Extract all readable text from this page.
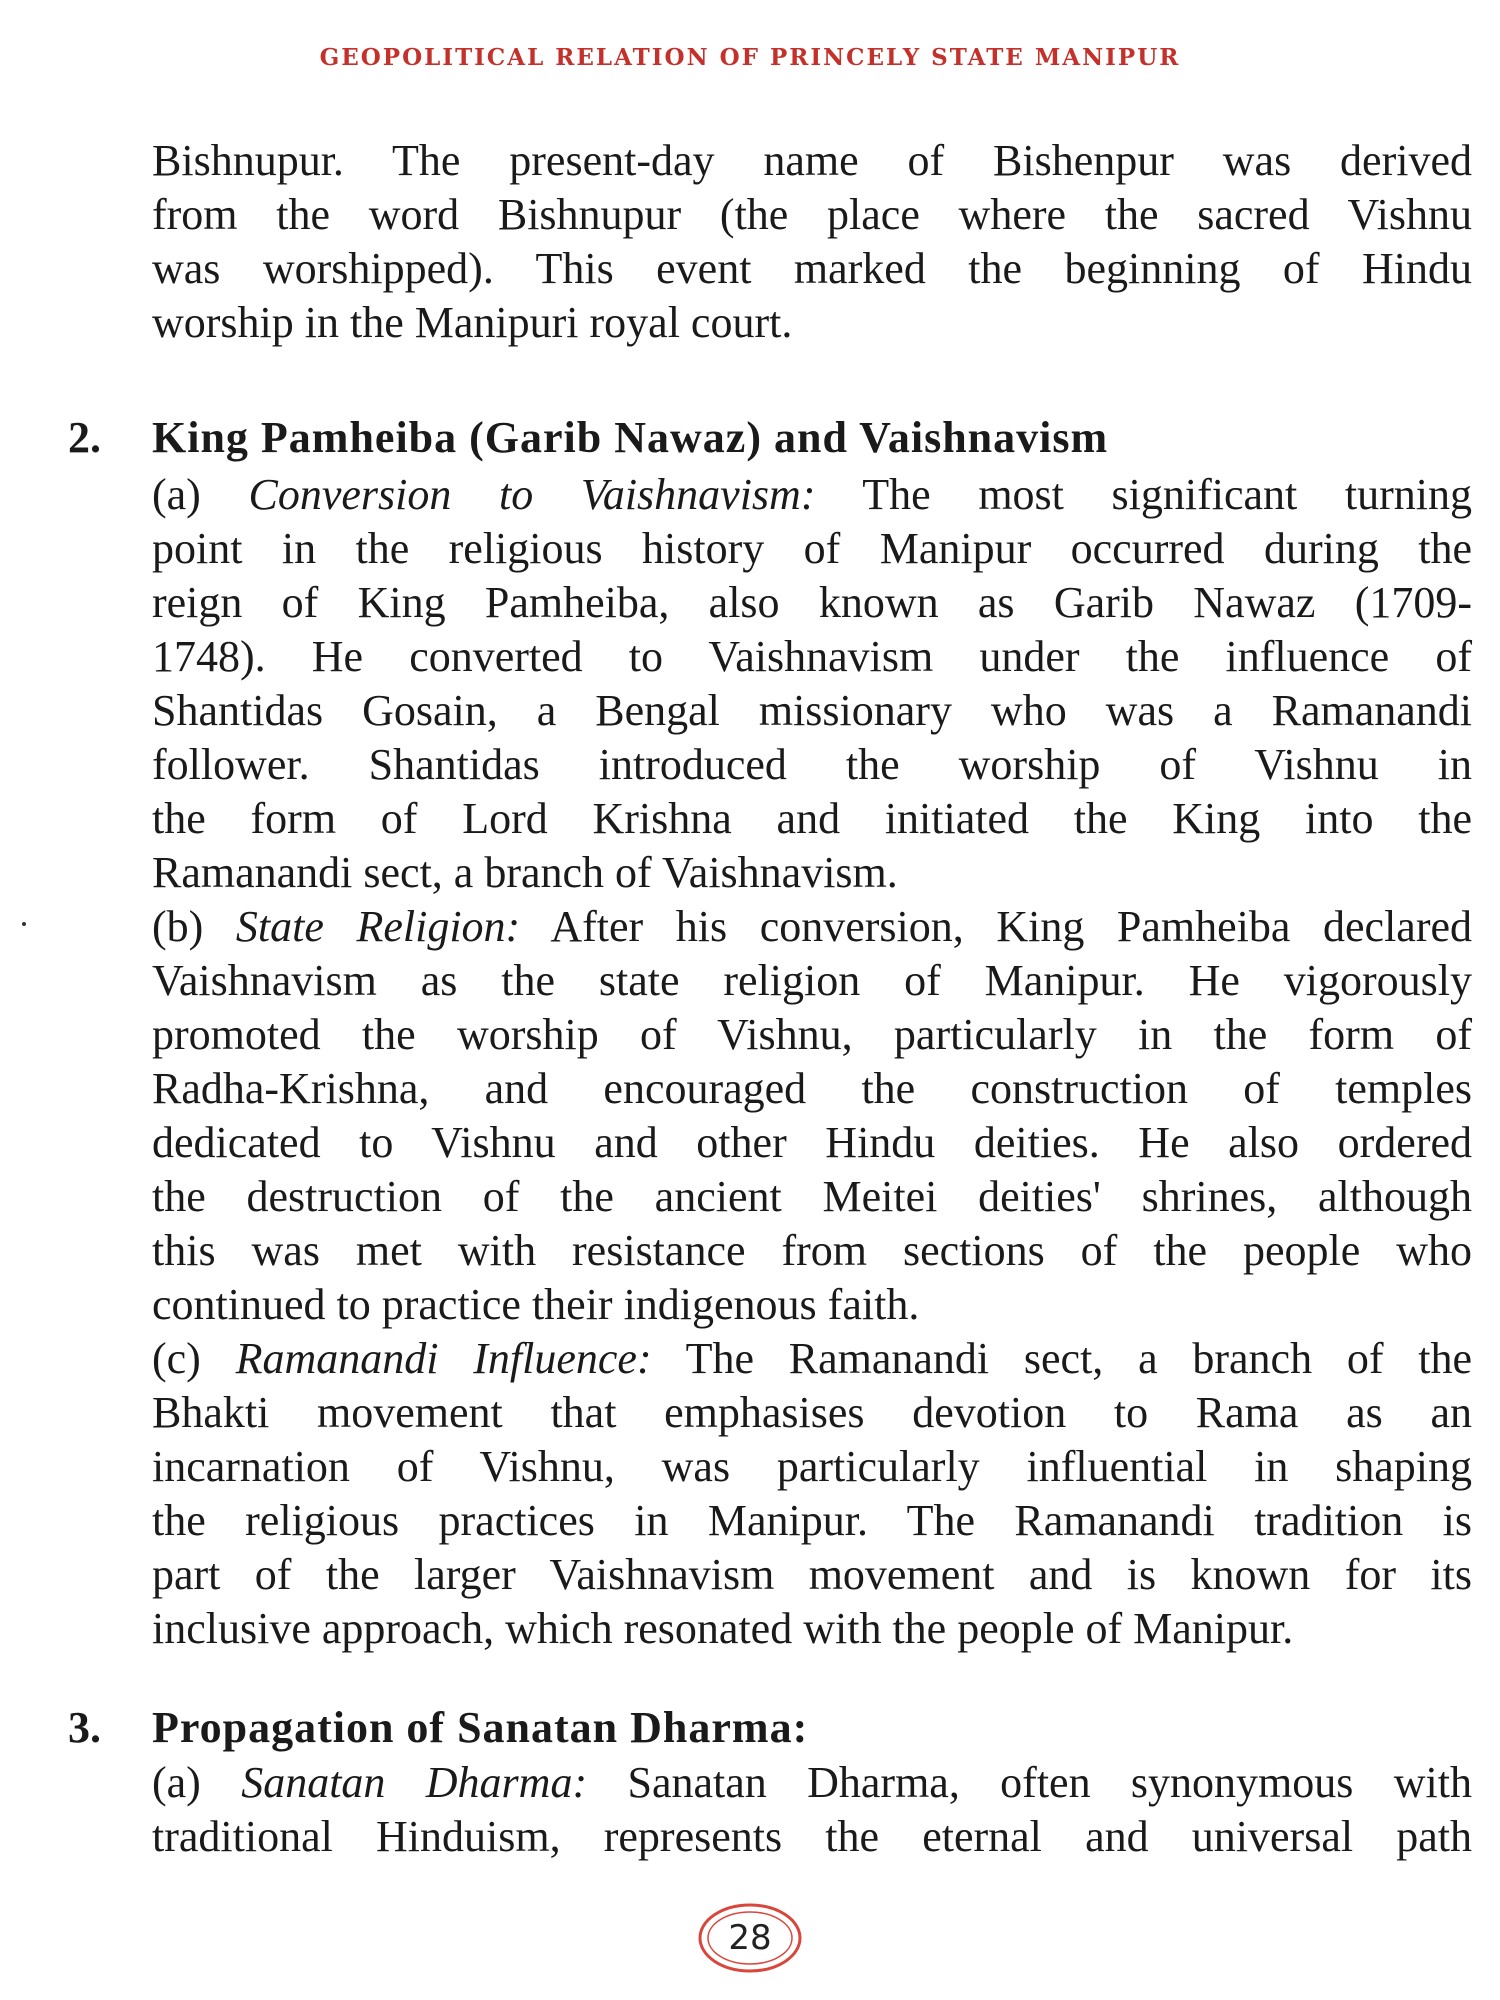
GEOPOLITICAL RELATION OF PRINCELY STATE MANIPUR
Bishnupur. The present-day name of Bishenpur was derived
from the word Bishnupur (the place where the sacred Vishnu
was worshipped). This event marked the beginning of Hindu
worship in the Manipuri royal court.
2. King Pamheiba (Garib Nawaz) and Vaishnavism
(a) Conversion to Vaishnavism: The most significant turning
point in the religious history of Manipur occurred during the
reign of King Pamheiba, also known as Garib Nawaz (1709-
1748). He converted to Vaishnavism under the influence of
Shantidas Gosain, a Bengal missionary who was a Ramanandi
follower. Shantidas introduced the worship of Vishnu in
the form of Lord Krishna and initiated the King into the
Ramanandi sect, a branch of Vaishnavism.
(b) State Religion: After his conversion, King Pamheiba declared
Vaishnavism as the state religion of Manipur. He vigorously
promoted the worship of Vishnu, particularly in the form of
Radha-Krishna, and encouraged the construction of temples
dedicated to Vishnu and other Hindu deities. He also ordered
the destruction of the ancient Meitei deities' shrines, although
this was met with resistance from sections of the people who
continued to practice their indigenous faith.
(c) Ramanandi Influence: The Ramanandi sect, a branch of the
Bhakti movement that emphasises devotion to Rama as an
incarnation of Vishnu, was particularly influential in shaping
the religious practices in Manipur. The Ramanandi tradition is
part of the larger Vaishnavism movement and is known for its
inclusive approach, which resonated with the people of Manipur.
3. Propagation of Sanatan Dharma:
(a) Sanatan Dharma: Sanatan Dharma, often synonymous with
traditional Hinduism, represents the eternal and universal path
28
